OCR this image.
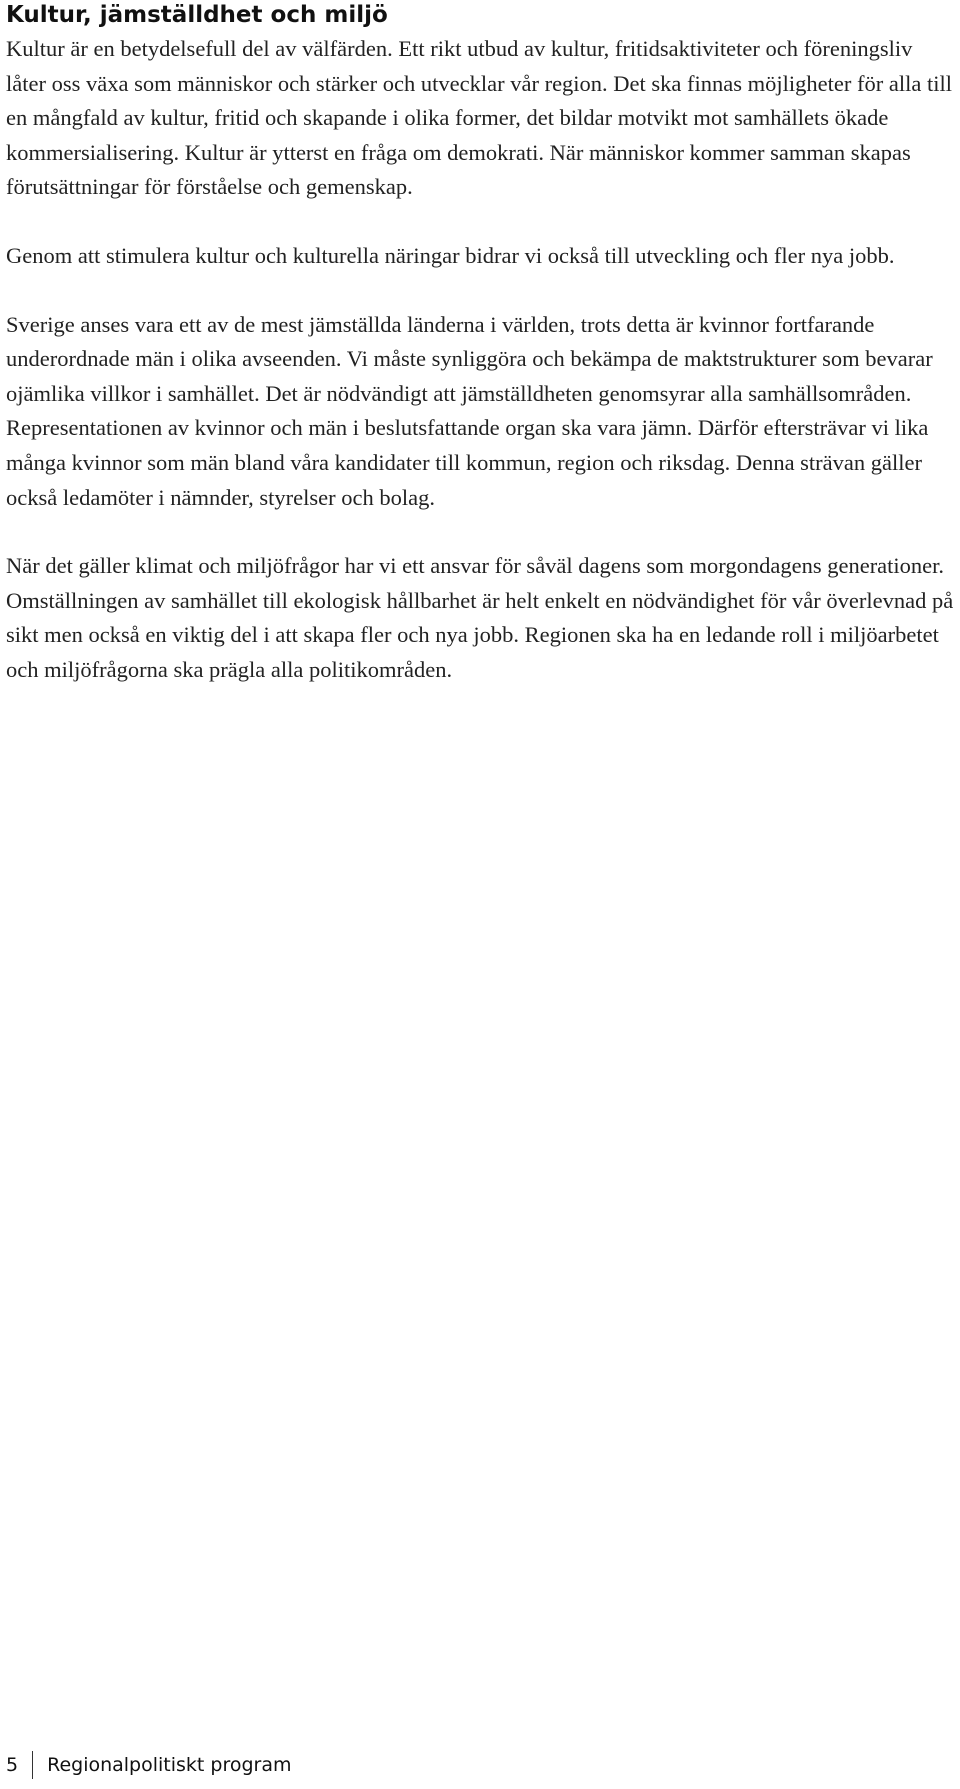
Kultur, jämställdhet och miljö

Kultur är en betydelsefull del av välfärden. Ett rikt utbud av kultur, fritidsaktiviteter och föreningsliv låter oss växa som människor och stärker och utvecklar vår region. Det ska finnas möjligheter för alla till en mångfald av kultur, fritid och skapande i olika former, det bildar motvikt mot samhällets ökade kommersialisering. Kultur är ytterst en fråga om demokrati. När människor kommer samman skapas förutsättningar för förståelse och gemenskap.

Genom att stimulera kultur och kulturella näringar bidrar vi också till utveckling och fler nya jobb.

Sverige anses vara ett av de mest jämställda länderna i världen, trots detta är kvinnor fortfarande underordnade män i olika avseenden. Vi måste synliggöra och bekämpa de maktstrukturer som bevarar ojämlika villkor i samhället. Det är nödvändigt att jämställdheten genomsyrar alla samhällsområden. Representationen av kvinnor och män i beslutsfattande organ ska vara jämn. Därför eftersträvar vi lika många kvinnor som män bland våra kandidater till kommun, region och riksdag. Denna strävan gäller också ledamöter i nämnder, styrelser och bolag.

När det gäller klimat och miljöfrågor har vi ett ansvar för såväl dagens som morgondagens generationer. Omställningen av samhället till ekologisk hållbarhet är helt enkelt en nödvändighet för vår överlevnad på sikt men också en viktig del i att skapa fler och nya jobb. Regionen ska ha en ledande roll i miljöarbetet och miljöfrågorna ska prägla alla politikområden.

5	Regionalpolitiskt program
